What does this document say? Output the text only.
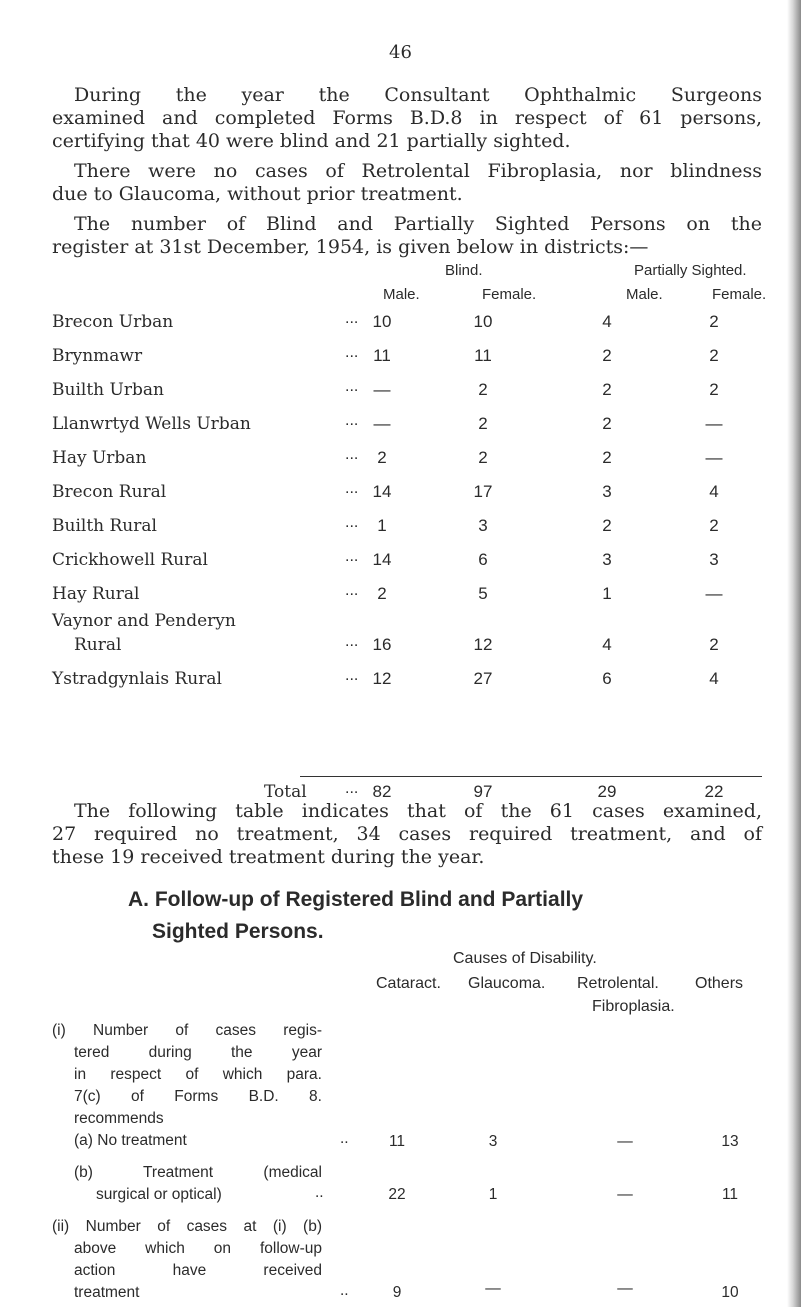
46
During the year the Consultant Ophthalmic Surgeons
examined and completed Forms B.D.8 in respect of 61 persons,
certifying that 40 were blind and 21 partially sighted.
There were no cases of Retrolental Fibroplasia, nor blindness
due to Glaucoma, without prior treatment.
The number of Blind and Partially Sighted Persons on the
register at 31st December, 1954, is given below in districts:—
Blind.	Partially Sighted.
Male.	Female.	Male.	Female.
Brecon Urban	... 10	10	4	2
Brynmawr	... 11	11	2	2
Builth Urban	... —	2	2	2
Llanwrtyd Wells Urban	... —	2	2	—
Hay Urban	...	2	2	2	—
Brecon Rural	... 14	17	3	4
Builth Rural	...	1	3	2	2
Crickhowell Rural	... 14	6	3	3
Hay Rural	...	2	5	1	—
Vaynor and Penderyn
Rural	... 16	12	4	2
Ystradgynlais Rural	... 12	27	6	4
Total ... 82	97	29	22
The following table indicates that of the 61 cases examined,
27 required no treatment, 34 cases required treatment, and of
these 19 received treatment during the year.
A. Follow-up of Registered Blind and Partially
Sighted Persons.
Causes of Disability.
Cataract. Glaucoma. Retrolental. Others
Fibroplasia.
(i) Number of cases regis-
tered during the year
in respect of which para.
7(c) of Forms B.D. 8.
recommends
(a) No treatment	..	11	3	—	13
(b) Treatment (medical
surgical or optical)	..	22	1	—	11
(ii) Number of cases at (i) (b)
above which on follow-up
action have received
treatment	..	9	—	—	10
